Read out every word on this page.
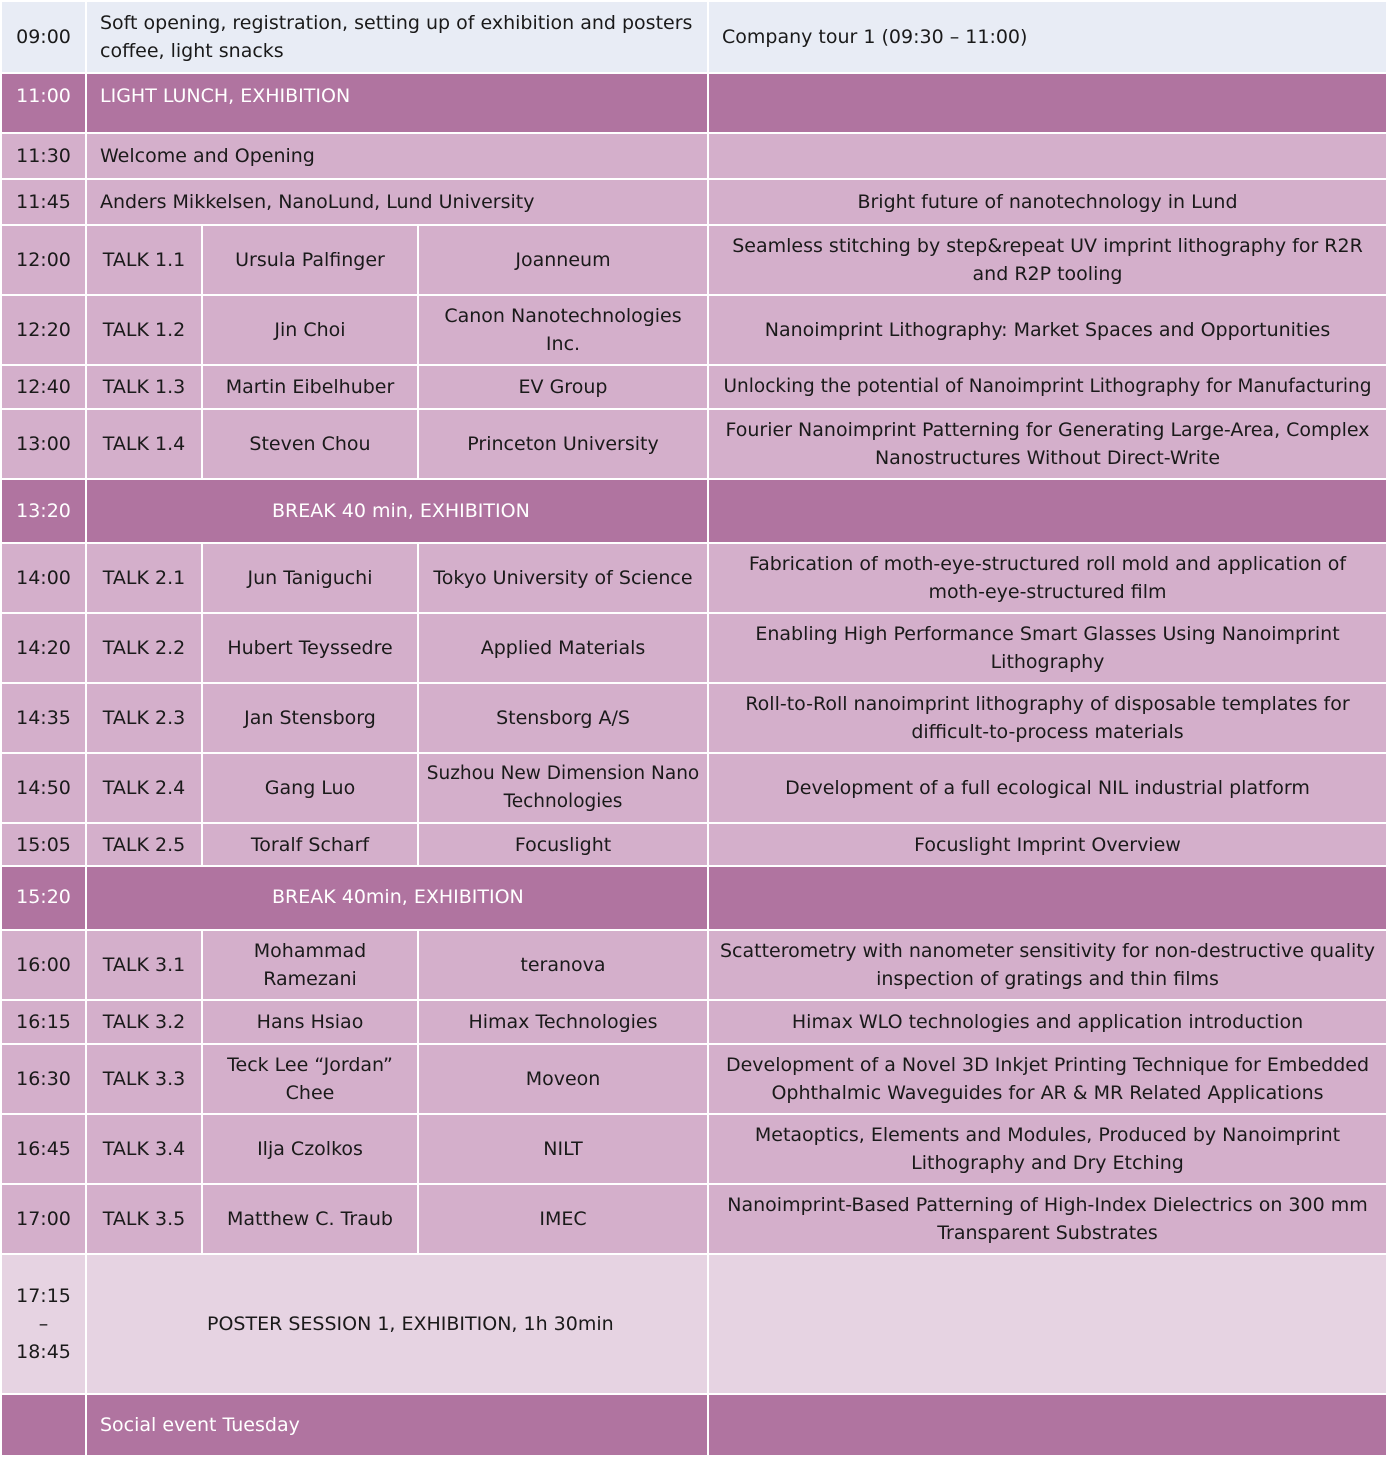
09:00	Soft opening, registration, setting up of exhibition and posters
coffee, light snacks			Company tour 1 (09:30 – 11:00)
11:00	LIGHT LUNCH, EXHIBITION			
11:30	Welcome and Opening			
11:45	Anders Mikkelsen, NanoLund, Lund University			Bright future of nanotechnology in Lund
12:00	TALK 1.1	Ursula Palfinger	Joanneum	Seamless stitching by step&repeat UV imprint lithography for R2R and R2P tooling
12:20	TALK 1.2	Jin Choi	Canon Nanotechnologies Inc.	Nanoimprint Lithography: Market Spaces and Opportunities
12:40	TALK 1.3	Martin Eibelhuber	EV Group	Unlocking the potential of Nanoimprint Lithography for Manufacturing
13:00	TALK 1.4	Steven Chou	Princeton University	Fourier Nanoimprint Patterning for Generating Large-Area, Complex Nanostructures Without Direct-Write
13:20	BREAK 40 min, EXHIBITION			
14:00	TALK 2.1	Jun Taniguchi	Tokyo University of Science	Fabrication of moth-eye-structured roll mold and application of moth-eye-structured film
14:20	TALK 2.2	Hubert Teyssedre	Applied Materials	Enabling High Performance Smart Glasses Using Nanoimprint Lithography
14:35	TALK 2.3	Jan Stensborg	Stensborg A/S	Roll-to-Roll nanoimprint lithography of disposable templates for difficult-to-process materials
14:50	TALK 2.4	Gang Luo	Suzhou New Dimension Nano Technologies	Development of a full ecological NIL industrial platform
15:05	TALK 2.5	Toralf Scharf	Focuslight	Focuslight Imprint Overview
15:20	BREAK 40min, EXHIBITION			
16:00	TALK 3.1	Mohammad Ramezani	teranova	Scatterometry with nanometer sensitivity for non-destructive quality inspection of gratings and thin films
16:15	TALK 3.2	Hans Hsiao	Himax Technologies	Himax WLO technologies and application introduction
16:30	TALK 3.3	Teck Lee “Jordan” Chee	Moveon	Development of a Novel 3D Inkjet Printing Technique for Embedded Ophthalmic Waveguides for AR & MR Related Applications
16:45	TALK 3.4	Ilja Czolkos	NILT	Metaoptics, Elements and Modules, Produced by Nanoimprint Lithography and Dry Etching
17:00	TALK 3.5	Matthew C. Traub	IMEC	Nanoimprint-Based Patterning of High-Index Dielectrics on 300 mm Transparent Substrates

17:15
–
18:45	POSTER SESSION 1, EXHIBITION, 1h 30min			
	Social event Tuesday			
